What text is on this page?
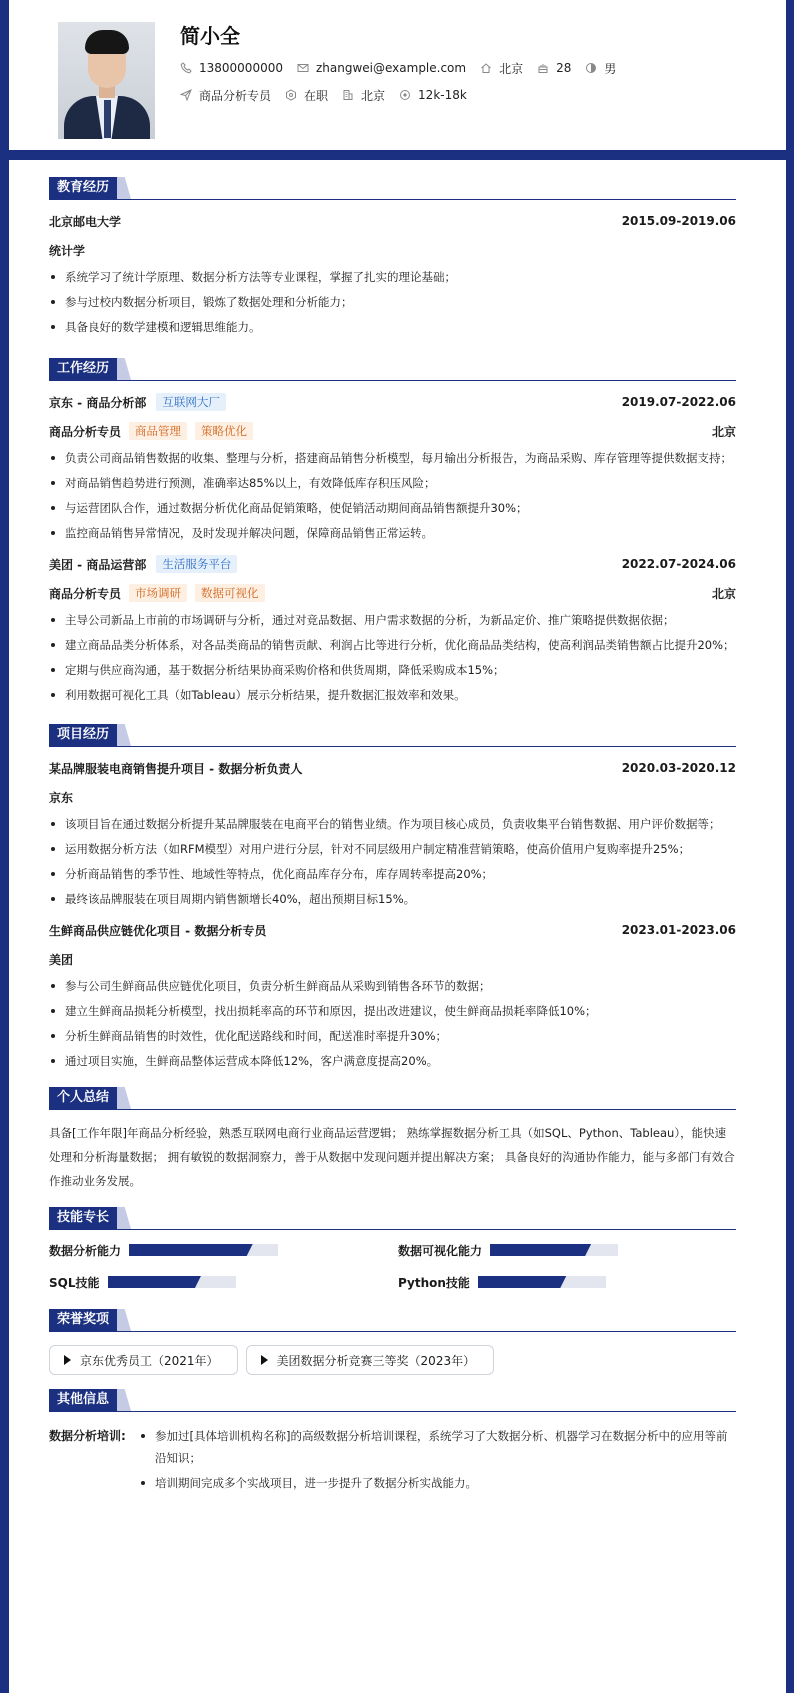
简小全
13800000000	zhangwei@example.com	北京	28	男
商品分析专员	在职	北京	12k-18k
教育经历
北京邮电大学	2015.09-2019.06
统计学
系统学习了统计学原理、数据分析方法等专业课程，掌握了扎实的理论基础；
参与过校内数据分析项目，锻炼了数据处理和分析能力；
具备良好的数学建模和逻辑思维能力。
工作经历
京东 - 商品分析部	互联网大厂	2019.07-2022.06
商品分析专员	商品管理	策略优化	北京
负责公司商品销售数据的收集、整理与分析，搭建商品销售分析模型，每月输出分析报告，为商品采购、库存管理等提供数据支持；
对商品销售趋势进行预测，准确率达85%以上，有效降低库存积压风险；
与运营团队合作，通过数据分析优化商品促销策略，使促销活动期间商品销售额提升30%；
监控商品销售异常情况，及时发现并解决问题，保障商品销售正常运转。
美团 - 商品运营部	生活服务平台	2022.07-2024.06
商品分析专员	市场调研	数据可视化	北京
主导公司新品上市前的市场调研与分析，通过对竞品数据、用户需求数据的分析，为新品定价、推广策略提供数据依据；
建立商品品类分析体系，对各品类商品的销售贡献、利润占比等进行分析，优化商品品类结构，使高利润品类销售额占比提升20%；
定期与供应商沟通，基于数据分析结果协商采购价格和供货周期，降低采购成本15%；
利用数据可视化工具（如Tableau）展示分析结果，提升数据汇报效率和效果。
项目经历
某品牌服装电商销售提升项目 - 数据分析负责人	2020.03-2020.12
京东
该项目旨在通过数据分析提升某品牌服装在电商平台的销售业绩。作为项目核心成员，负责收集平台销售数据、用户评价数据等；
运用数据分析方法（如RFM模型）对用户进行分层，针对不同层级用户制定精准营销策略，使高价值用户复购率提升25%；
分析商品销售的季节性、地域性等特点，优化商品库存分布，库存周转率提高20%；
最终该品牌服装在项目周期内销售额增长40%，超出预期目标15%。
生鲜商品供应链优化项目 - 数据分析专员	2023.01-2023.06
美团
参与公司生鲜商品供应链优化项目，负责分析生鲜商品从采购到销售各环节的数据；
建立生鲜商品损耗分析模型，找出损耗率高的环节和原因，提出改进建议，使生鲜商品损耗率降低10%；
分析生鲜商品销售的时效性，优化配送路线和时间，配送准时率提升30%；
通过项目实施，生鲜商品整体运营成本降低12%，客户满意度提高20%。
个人总结
具备[工作年限]年商品分析经验，熟悉互联网电商行业商品运营逻辑； 熟练掌握数据分析工具（如SQL、Python、Tableau），能快速处理和分析海量数据； 拥有敏锐的数据洞察力，善于从数据中发现问题并提出解决方案； 具备良好的沟通协作能力，能与多部门有效合作推动业务发展。
技能专长
数据分析能力	数据可视化能力
SQL技能	Python技能
荣誉奖项
京东优秀员工（2021年）	美团数据分析竞赛三等奖（2023年）
其他信息
数据分析培训:	参加过[具体培训机构名称]的高级数据分析培训课程，系统学习了大数据分析、机器学习在数据分析中的应用等前沿知识；
培训期间完成多个实战项目，进一步提升了数据分析实战能力。
